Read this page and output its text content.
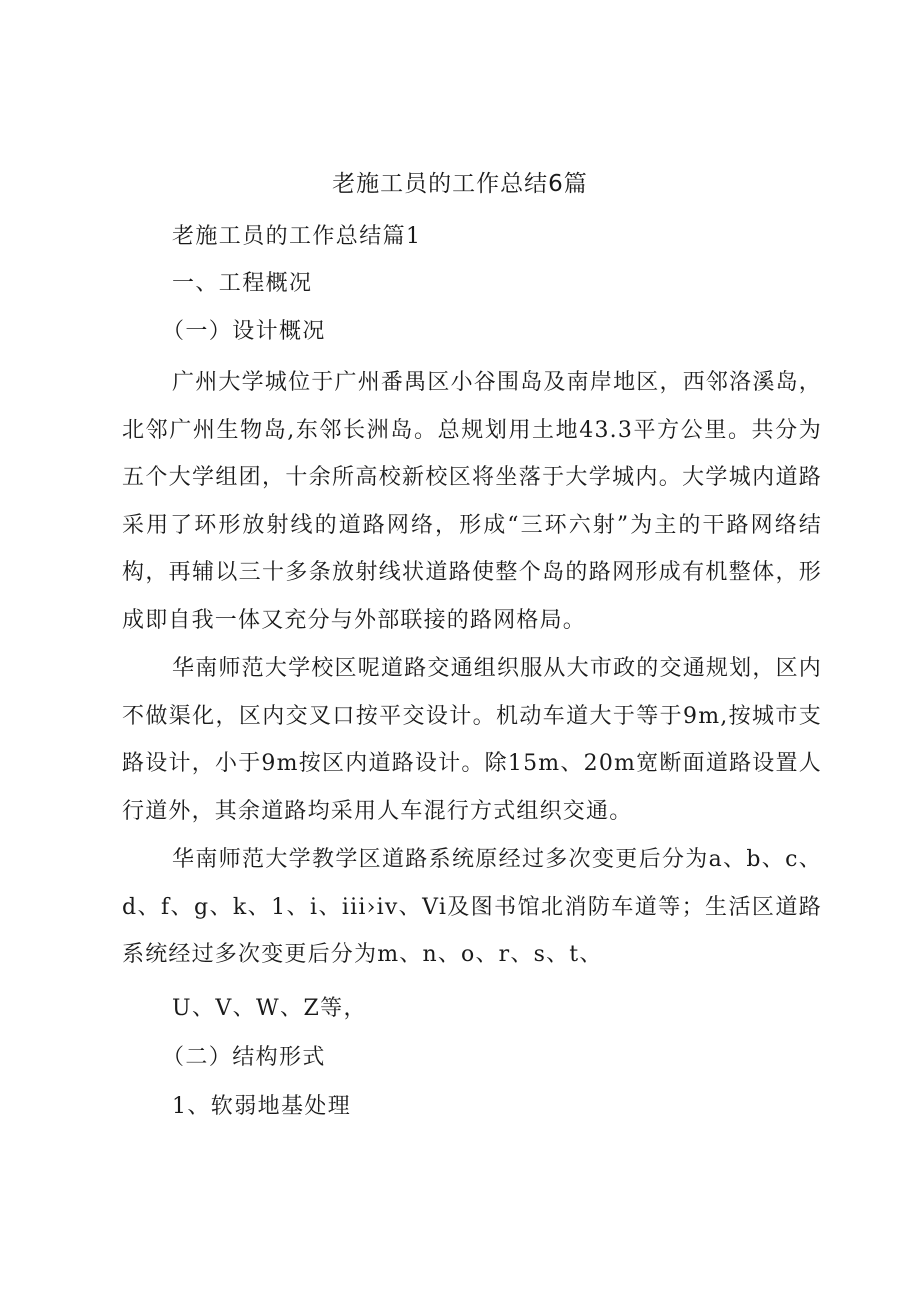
老施工员的工作总结6篇
老施工员的工作总结篇1
一、工程概况
（一）设计概况

广州大学城位于广州番禺区小谷围岛及南岸地区，西邻洛溪岛，北邻广州生物岛,东邻长洲岛。总规划用土地43.3平方公里。共分为五个大学组团，十余所高校新校区将坐落于大学城内。大学城内道路采用了环形放射线的道路网络，形成“三环六射”为主的干路网络结构，再辅以三十多条放射线状道路使整个岛的路网形成有机整体，形成即自我一体又充分与外部联接的路网格局。

华南师范大学校区呢道路交通组织服从大市政的交通规划，区内不做渠化，区内交叉口按平交设计。机动车道大于等于9m,按城市支路设计，小于9m按区内道路设计。除15m、20m宽断面道路设置人行道外，其余道路均采用人车混行方式组织交通。

华南师范大学教学区道路系统原经过多次变更后分为a、b、c、d、f、g、k、1、i、iii›iv、Vi及图书馆北消防车道等；生活区道路系统经过多次变更后分为m、n、o、r、s、t、

U、V、W、Z等，
（二）结构形式
1、软弱地基处理
